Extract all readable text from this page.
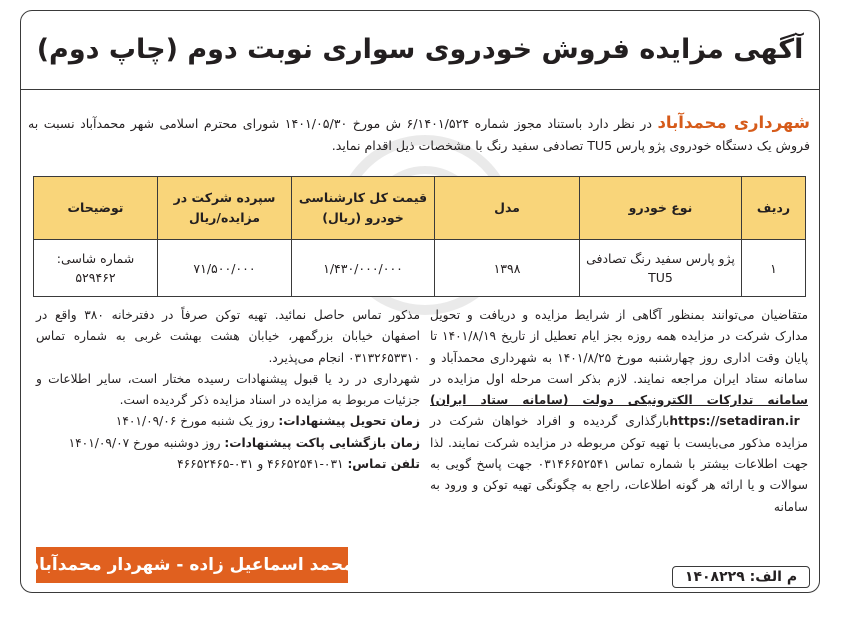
آگهی مزایده فروش خودروی سواری نوبت دوم (چاپ دوم)
شهرداری محمدآباد در نظر دارد باستناد مجوز شماره ۶/۱۴۰۱/۵۲۴ ش مورخ ۱۴۰۱/۰۵/۳۰ شورای محترم اسلامی شهر محمدآباد نسبت به فروش یک دستگاه خودروی پژو پارس TU5 تصادفی سفید رنگ با مشخصات ذیل اقدام نماید.
ردیف	نوع خودرو	مدل	قیمت کل کارشناسی خودرو (ریال)	سپرده شرکت در مزایده/ریال	توضیحات
۱	پژو پارس سفید رنگ تصادفی TU5	۱۳۹۸	۱/۴۳۰/۰۰۰/۰۰۰	۷۱/۵۰۰/۰۰۰	شماره شاسی: ۵۲۹۴۶۲
متقاضیان می‌توانند بمنظور آگاهی از شرایط مزایده و دریافت و تحویل مدارک شرکت در مزایده همه روزه بجز ایام تعطیل از تاریخ ۱۴۰۱/۸/۱۹ تا پایان وقت اداری روز چهارشنبه مورخ ۱۴۰۱/۸/۲۵ به شهرداری محمدآباد و سامانه ستاد ایران مراجعه نمایند. لازم بذکر است مرحله اول مزایده در سامانه تدارکات الکترونیکی دولت (سامانه ستاد ایران) https://setadiran.ir بارگذاری گردیده و افراد خواهان شرکت در مزایده مذکور می‌بایست با تهیه توکن مربوطه در مزایده شرکت نمایند. لذا جهت اطلاعات بیشتر با شماره تماس ۰۳۱۴۶۶۵۲۵۴۱ جهت پاسخ گویی به سوالات و یا ارائه هر گونه اطلاعات، راجع به چگونگی تهیه توکن و ورود به سامانه
مذکور تماس حاصل نمائید. تهیه توکن صرفاً در دفترخانه ۳۸۰ واقع در اصفهان خیابان بزرگمهر، خیابان هشت بهشت غربی به شماره تماس ۰۳۱۳۲۶۵۳۳۱۰ انجام می‌پذیرد.
شهرداری در رد یا قبول پیشنهادات رسیده مختار است، سایر اطلاعات و جزئیات مربوط به مزایده در اسناد مزایده ذکر گردیده است.
زمان تحویل پیشنهادات: روز یک شنبه مورخ ۱۴۰۱/۰۹/۰۶
زمان بازگشایی پاکت پیشنهادات: روز دوشنبه مورخ ۱۴۰۱/۰۹/۰۷
تلفن تماس: ۰۳۱-۴۶۶۵۲۵۴۱ و ۰۳۱-۴۶۶۵۲۴۶۵
محمد اسماعیل زاده - شهردار محمدآباد
م الف: ۱۴۰۸۲۲۹
